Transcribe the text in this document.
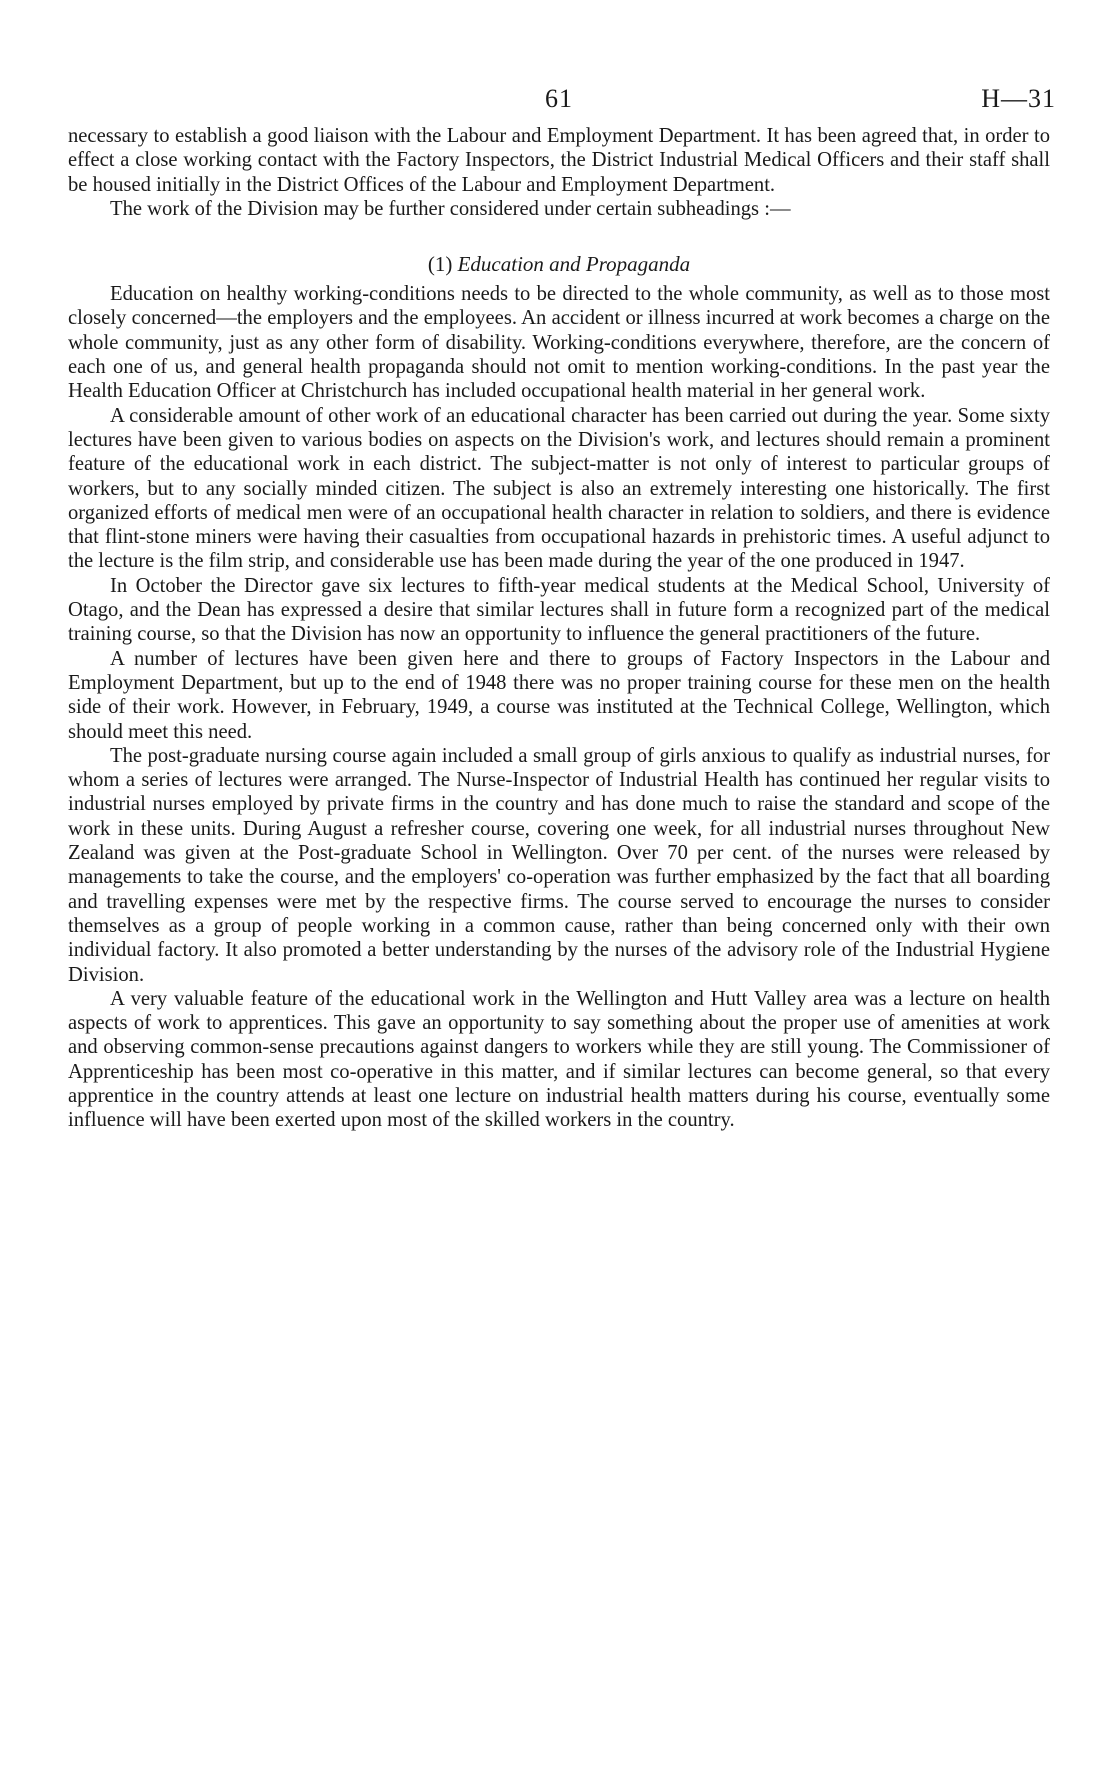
61	H—31

necessary to establish a good liaison with the Labour and Employment Department. It has been agreed that, in order to effect a close working contact with the Factory Inspectors, the District Industrial Medical Officers and their staff shall be housed initially in the District Offices of the Labour and Employment Department.

The work of the Division may be further considered under certain subheadings :—

(1) Education and Propaganda

Education on healthy working-conditions needs to be directed to the whole community, as well as to those most closely concerned—the employers and the employees. An accident or illness incurred at work becomes a charge on the whole community, just as any other form of disability. Working-conditions everywhere, therefore, are the concern of each one of us, and general health propaganda should not omit to mention working-conditions. In the past year the Health Education Officer at Christchurch has included occupational health material in her general work.

A considerable amount of other work of an educational character has been carried out during the year. Some sixty lectures have been given to various bodies on aspects on the Division's work, and lectures should remain a prominent feature of the educational work in each district. The subject-matter is not only of interest to particular groups of workers, but to any socially minded citizen. The subject is also an extremely interesting one historically. The first organized efforts of medical men were of an occupational health character in relation to soldiers, and there is evidence that flint-stone miners were having their casualties from occupational hazards in prehistoric times. A useful adjunct to the lecture is the film strip, and considerable use has been made during the year of the one produced in 1947.

In October the Director gave six lectures to fifth-year medical students at the Medical School, University of Otago, and the Dean has expressed a desire that similar lectures shall in future form a recognized part of the medical training course, so that the Division has now an opportunity to influence the general practitioners of the future.

A number of lectures have been given here and there to groups of Factory Inspectors in the Labour and Employment Department, but up to the end of 1948 there was no proper training course for these men on the health side of their work. However, in February, 1949, a course was instituted at the Technical College, Wellington, which should meet this need.

The post-graduate nursing course again included a small group of girls anxious to qualify as industrial nurses, for whom a series of lectures were arranged. The Nurse-Inspector of Industrial Health has continued her regular visits to industrial nurses employed by private firms in the country and has done much to raise the standard and scope of the work in these units. During August a refresher course, covering one week, for all industrial nurses throughout New Zealand was given at the Post-graduate School in Wellington. Over 70 per cent. of the nurses were released by managements to take the course, and the employers' co-operation was further emphasized by the fact that all boarding and travelling expenses were met by the respective firms. The course served to encourage the nurses to consider themselves as a group of people working in a common cause, rather than being concerned only with their own individual factory. It also promoted a better understanding by the nurses of the advisory role of the Industrial Hygiene Division.

A very valuable feature of the educational work in the Wellington and Hutt Valley area was a lecture on health aspects of work to apprentices. This gave an opportunity to say something about the proper use of amenities at work and observing common-sense precautions against dangers to workers while they are still young. The Commissioner of Apprenticeship has been most co-operative in this matter, and if similar lectures can become general, so that every apprentice in the country attends at least one lecture on industrial health matters during his course, eventually some influence will have been exerted upon most of the skilled workers in the country.
